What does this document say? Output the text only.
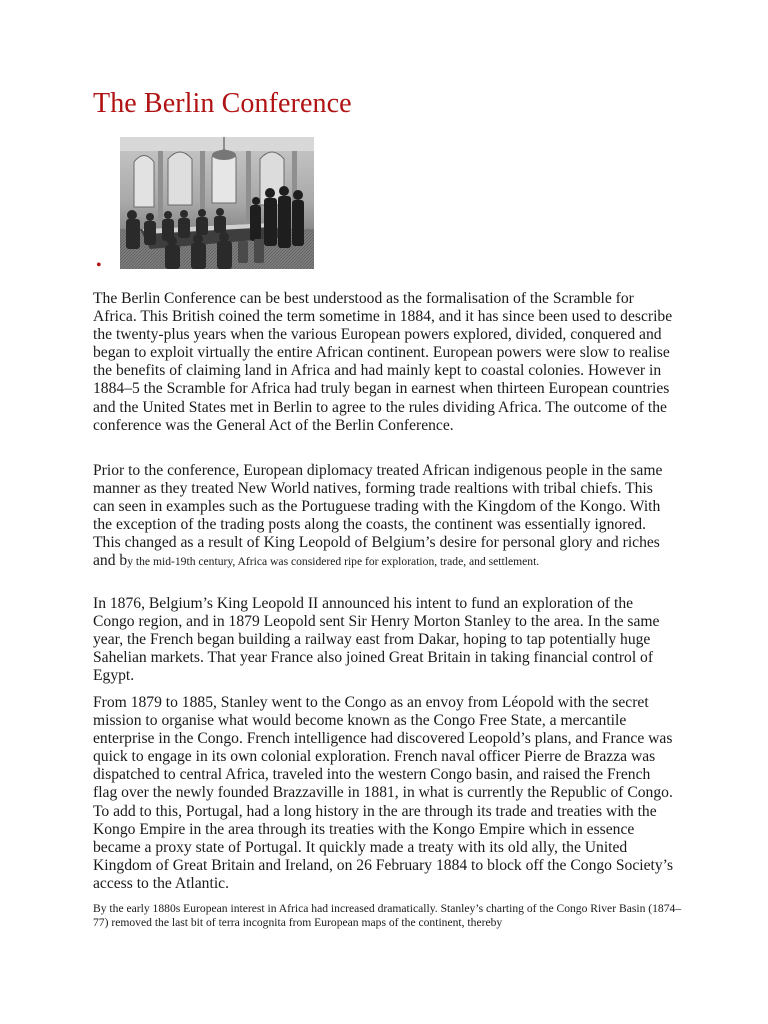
The Berlin Conference
•

The Berlin Conference can be best understood as the formalisation of the Scramble for Africa. This British coined the term sometime in 1884, and it has since been used to describe the twenty-plus years when the various European powers explored, divided, conquered and began to exploit virtually the entire African continent. European powers were slow to realise the benefits of claiming land in Africa and had mainly kept to coastal colonies. However in 1884–5 the Scramble for Africa had truly began in earnest when thirteen European countries and the United States met in Berlin to agree to the rules dividing Africa. The outcome of the conference was the General Act of the Berlin Conference.

Prior to the conference, European diplomacy treated African indigenous people in the same manner as they treated New World natives, forming trade realtions with tribal chiefs. This can seen in examples such as the Portuguese trading with the Kingdom of the Kongo. With the exception of the trading posts along the coasts, the continent was essentially ignored. This changed as a result of King Leopold of Belgium’s desire for personal glory and riches and by the mid-19th century, Africa was considered ripe for exploration, trade, and settlement.

In 1876, Belgium’s King Leopold II announced his intent to fund an exploration of the Congo region, and in 1879 Leopold sent Sir Henry Morton Stanley to the area. In the same year, the French began building a railway east from Dakar, hoping to tap potentially huge Sahelian markets. That year France also joined Great Britain in taking financial control of Egypt.

From 1879 to 1885, Stanley went to the Congo as an envoy from Léopold with the secret mission to organise what would become known as the Congo Free State, a mercantile enterprise in the Congo. French intelligence had discovered Leopold’s plans, and France was quick to engage in its own colonial exploration. French naval officer Pierre de Brazza was dispatched to central Africa, traveled into the western Congo basin, and raised the French flag over the newly founded Brazzaville in 1881, in what is currently the Republic of Congo. To add to this, Portugal, had a long history in the are through its trade and treaties with the Kongo Empire in the area through its treaties with the Kongo Empire which in essence became a proxy state of Portugal. It quickly made a treaty with its old ally, the United Kingdom of Great Britain and Ireland, on 26 February 1884 to block off the Congo Society’s access to the Atlantic.

By the early 1880s European interest in Africa had increased dramatically. Stanley’s charting of the Congo River Basin (1874–77) removed the last bit of terra incognita from European maps of the continent, thereby
